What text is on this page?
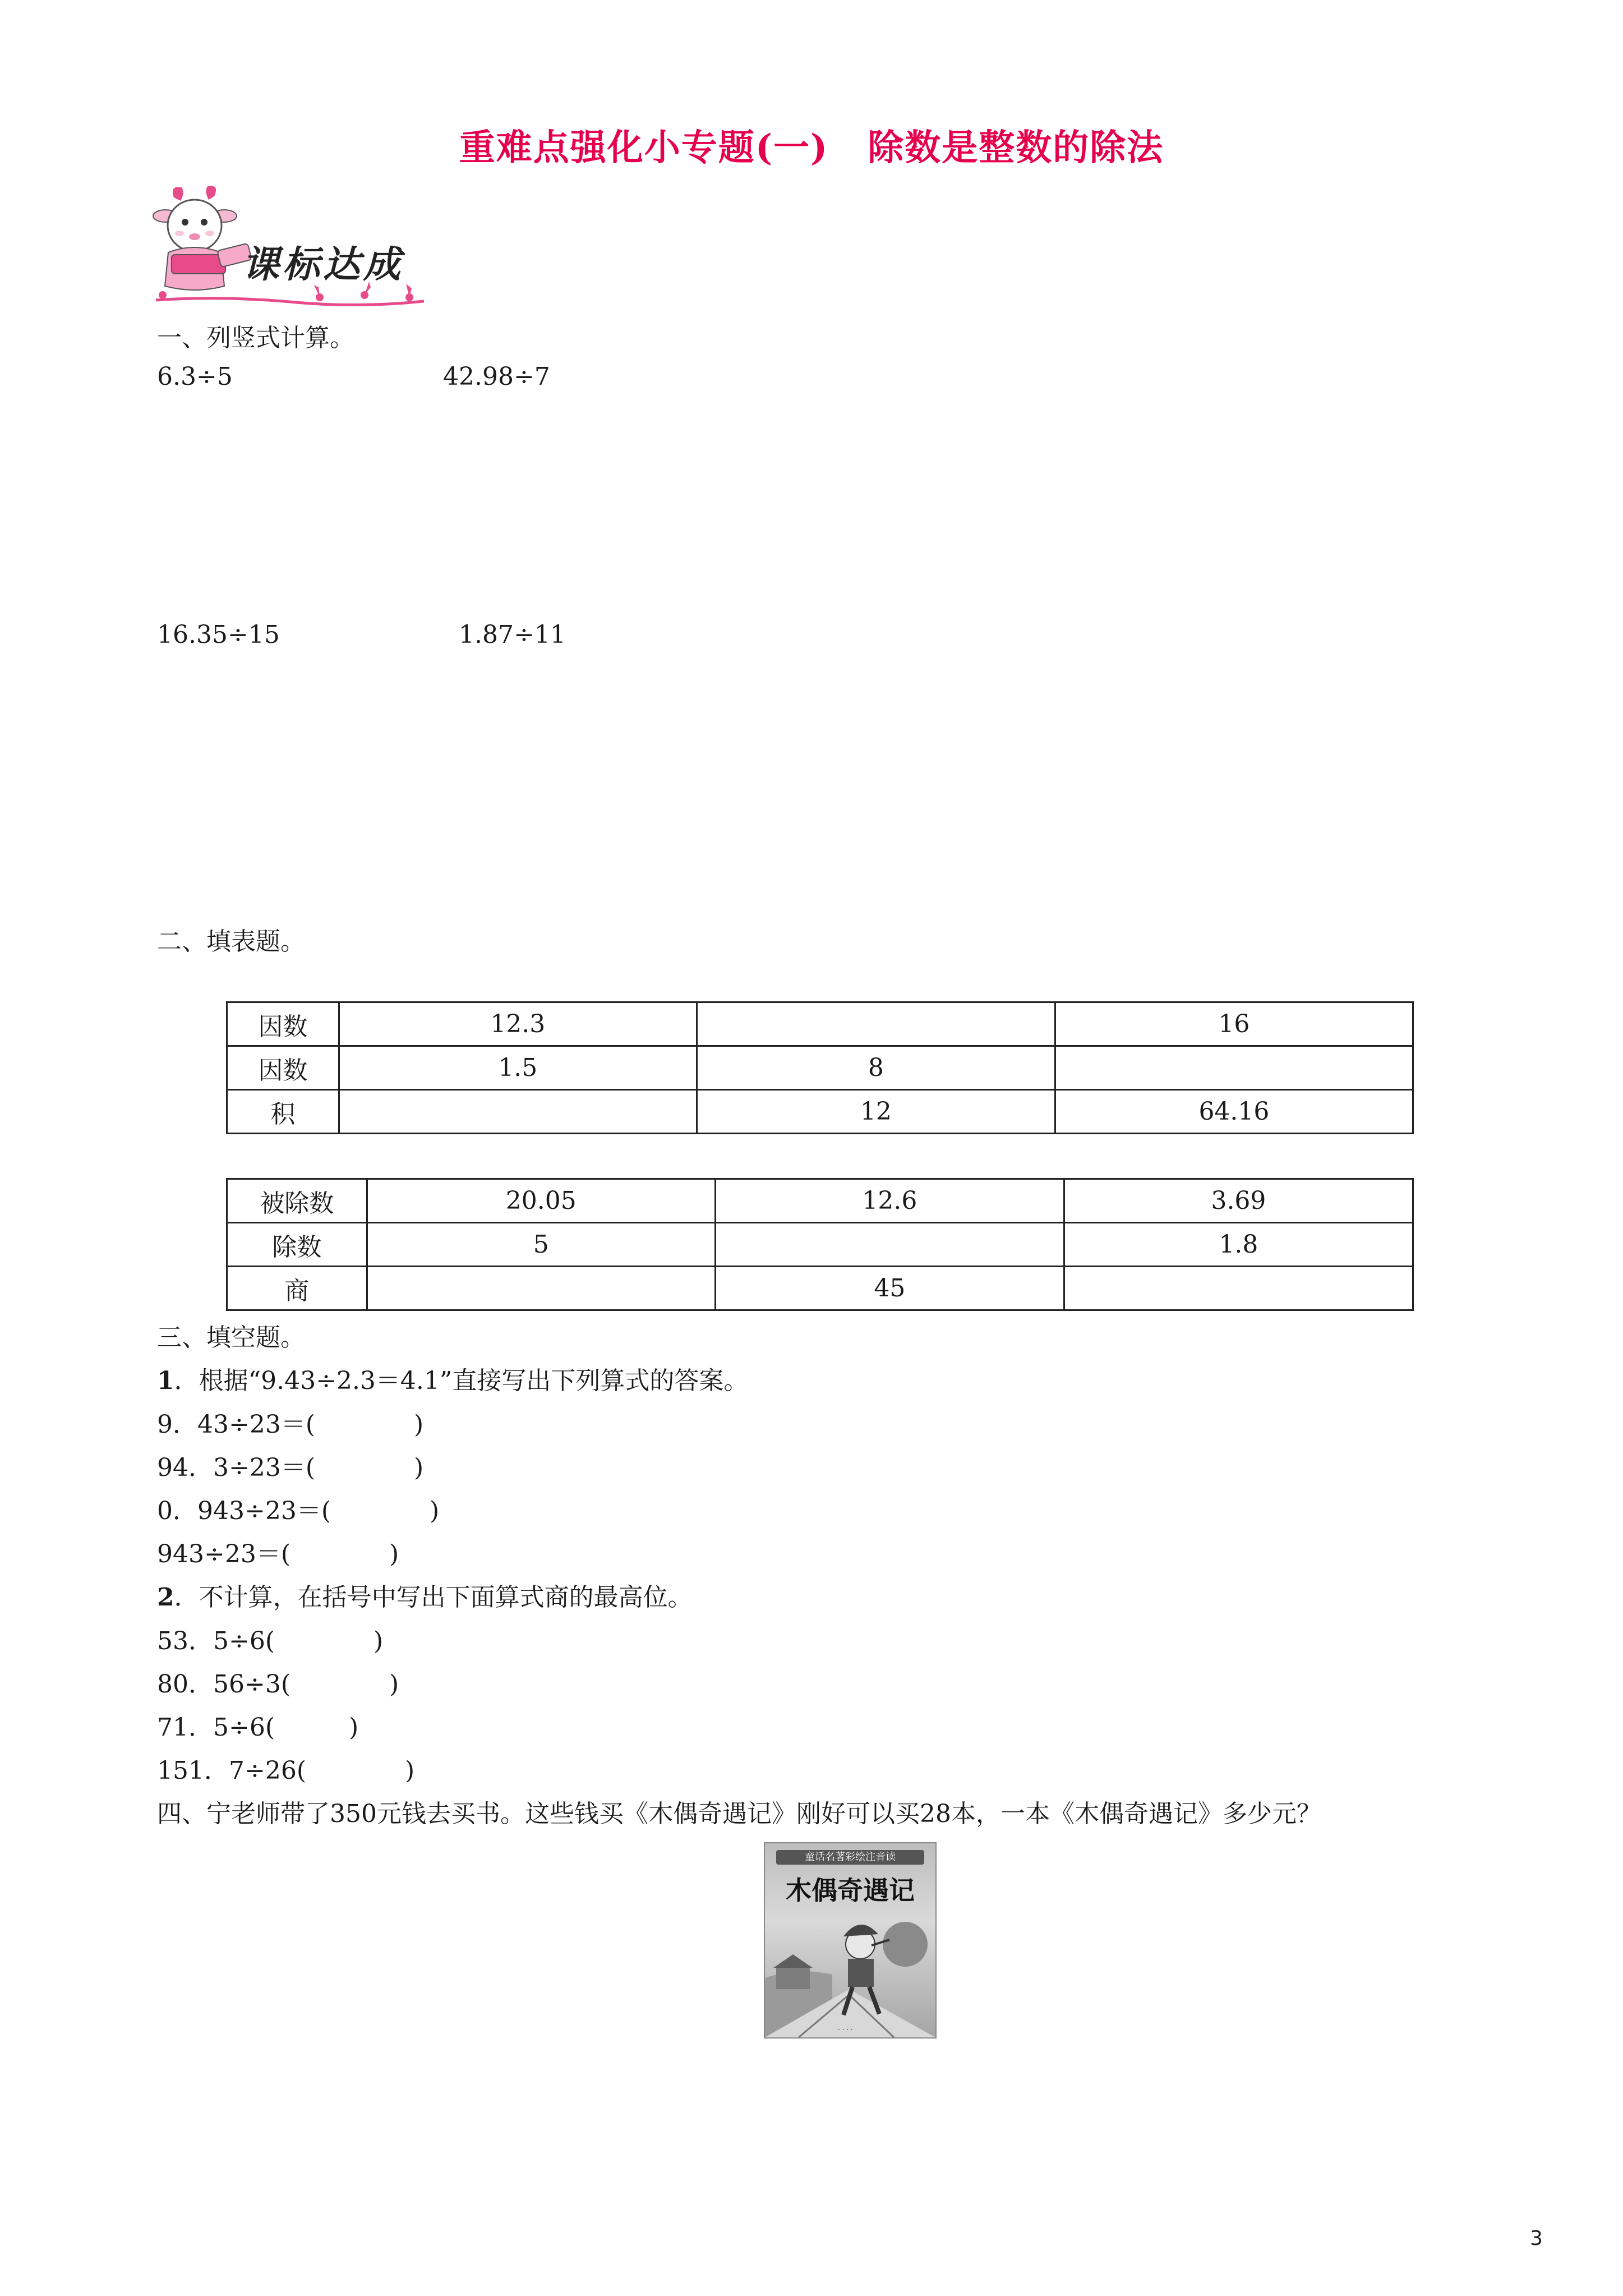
重难点强化小专题(一) 除数是整数的除法
课标达成
一、列竖式计算。
6.3÷5	42.98÷7
16.35÷15	1.87÷11
二、填表题。
因数	12.3		16
因数	1.5	8	
积		12	64.16
被除数	20.05	12.6	3.69
除数	5		1.8
商		45	
三、填空题。
1．根据“9.43÷2.3＝4.1”直接写出下列算式的答案。
9．43÷23＝(　　　　)
94．3÷23＝(　　　　)
0．943÷23＝(　　　　)
943÷23＝(　　　　)
2．不计算，在括号中写出下面算式商的最高位。
53．5÷6(　　　　)
80．56÷3(　　　　)
71．5÷6(　　　)
151．7÷26(　　　　)
四、宁老师带了350元钱去买书。这些钱买《木偶奇遇记》刚好可以买28本，一本《木偶奇遇记》多少元？
童话名著彩绘注音读
木偶奇遇记
· · · ·
3
